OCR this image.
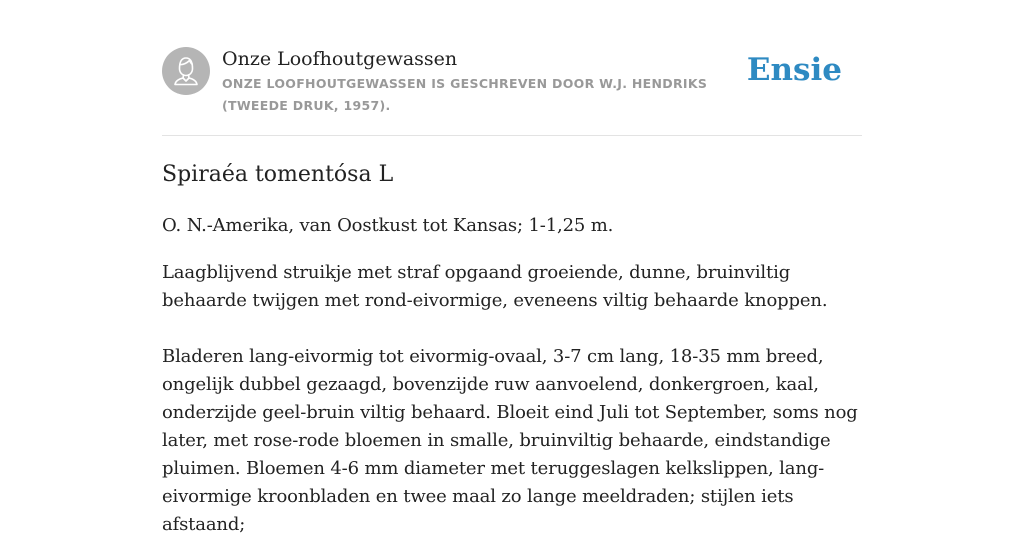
Onze Loofhoutgewassen
ONZE LOOFHOUTGEWASSEN IS GESCHREVEN DOOR W.J. HENDRIKS (TWEEDE DRUK, 1957).
Ensie
Spiraéa tomentósa L

O. N.-Amerika, van Oostkust tot Kansas; 1-1,25 m.

Laagblijvend struikje met straf opgaand groeiende, dunne, bruinviltig behaarde twijgen met rond-eivormige, eveneens viltig behaarde knoppen.

Bladeren lang-eivormig tot eivormig-ovaal, 3-7 cm lang, 18-35 mm breed, ongelijk dubbel gezaagd, bovenzijde ruw aanvoelend, donkergroen, kaal, onderzijde geel-bruin viltig behaard. Bloeit eind Juli tot September, soms nog later, met rose-rode bloemen in smalle, bruinviltig behaarde, eindstandige pluimen. Bloemen 4-6 mm diameter met teruggeslagen kelkslippen, lang-eivormige kroonbladen en twee maal zo lange meeldraden; stijlen iets afstaand;
